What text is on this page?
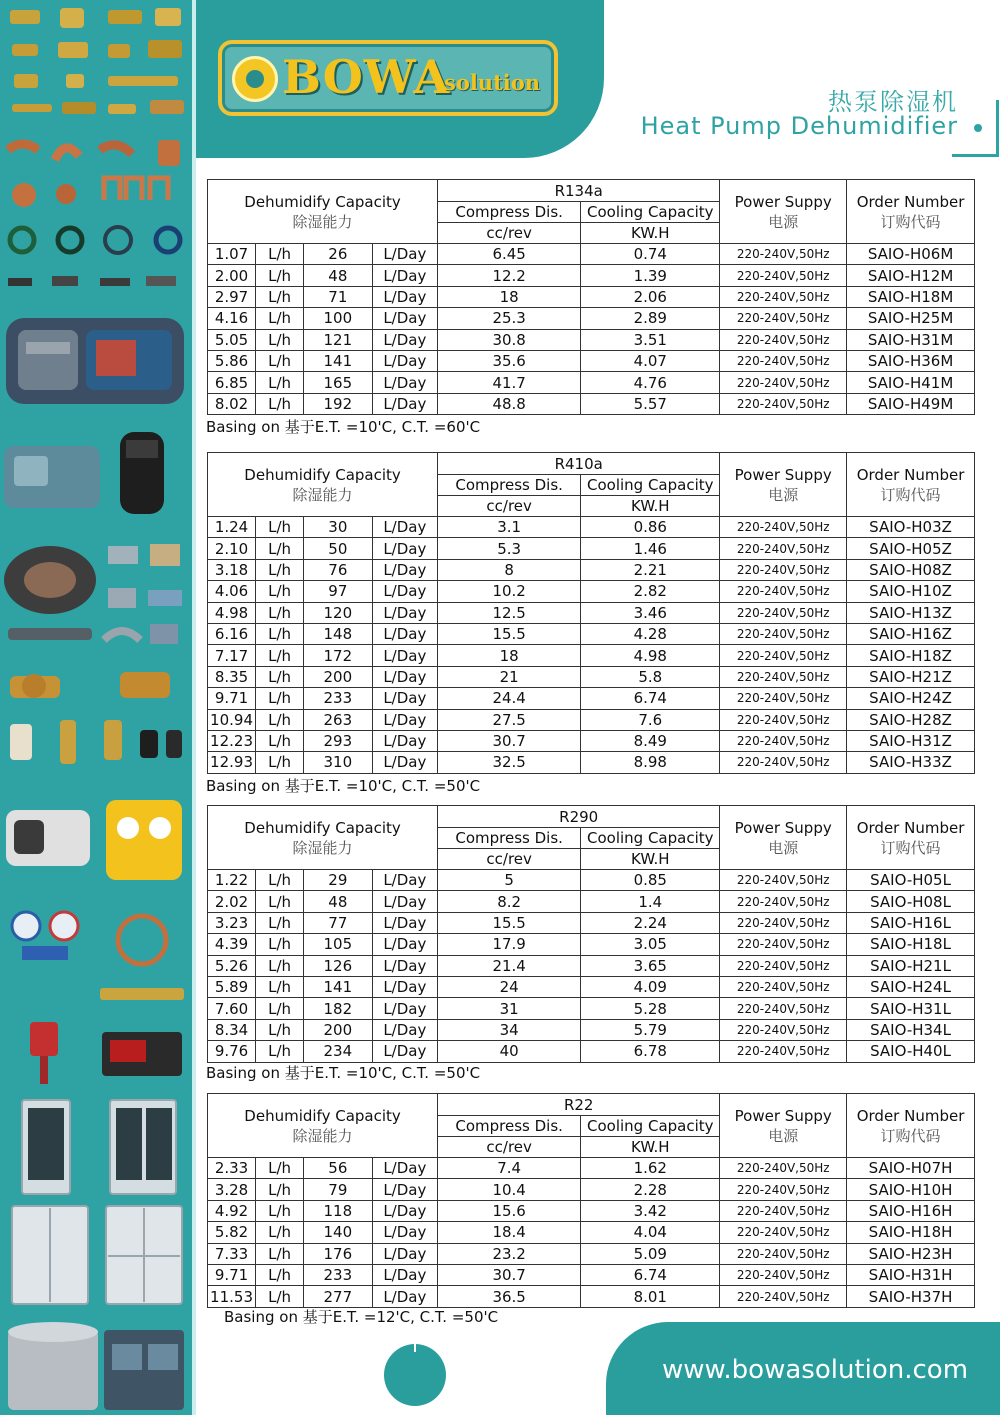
BOWA
solution
热泵除湿机
Heat Pump Dehumidifier
Dehumidify Capacity
除湿能力				R134a		Power Suppy
电源	Order Number
订购代码

				Compress Dis.	Cooling Capacity		
				cc/rev	KW.H		
1.07	L/h	26	L/Day	6.45	0.74	220-240V,50Hz	SAIO-H06M
2.00	L/h	48	L/Day	12.2	1.39	220-240V,50Hz	SAIO-H12M
2.97	L/h	71	L/Day	18	2.06	220-240V,50Hz	SAIO-H18M
4.16	L/h	100	L/Day	25.3	2.89	220-240V,50Hz	SAIO-H25M
5.05	L/h	121	L/Day	30.8	3.51	220-240V,50Hz	SAIO-H31M
5.86	L/h	141	L/Day	35.6	4.07	220-240V,50Hz	SAIO-H36M
6.85	L/h	165	L/Day	41.7	4.76	220-240V,50Hz	SAIO-H41M
8.02	L/h	192	L/Day	48.8	5.57	220-240V,50Hz	SAIO-H49M
Basing on 基于E.T. =10'C, C.T. =60'C
Dehumidify Capacity
除湿能力				R410a		Power Suppy
电源	Order Number
订购代码

				Compress Dis.	Cooling Capacity		
				cc/rev	KW.H		
1.24	L/h	30	L/Day	3.1	0.86	220-240V,50Hz	SAIO-H03Z
2.10	L/h	50	L/Day	5.3	1.46	220-240V,50Hz	SAIO-H05Z
3.18	L/h	76	L/Day	8	2.21	220-240V,50Hz	SAIO-H08Z
4.06	L/h	97	L/Day	10.2	2.82	220-240V,50Hz	SAIO-H10Z
4.98	L/h	120	L/Day	12.5	3.46	220-240V,50Hz	SAIO-H13Z
6.16	L/h	148	L/Day	15.5	4.28	220-240V,50Hz	SAIO-H16Z
7.17	L/h	172	L/Day	18	4.98	220-240V,50Hz	SAIO-H18Z
8.35	L/h	200	L/Day	21	5.8	220-240V,50Hz	SAIO-H21Z
9.71	L/h	233	L/Day	24.4	6.74	220-240V,50Hz	SAIO-H24Z
10.94	L/h	263	L/Day	27.5	7.6	220-240V,50Hz	SAIO-H28Z
12.23	L/h	293	L/Day	30.7	8.49	220-240V,50Hz	SAIO-H31Z
12.93	L/h	310	L/Day	32.5	8.98	220-240V,50Hz	SAIO-H33Z
Basing on 基于E.T. =10'C, C.T. =50'C
Dehumidify Capacity
除湿能力				R290		Power Suppy
电源	Order Number
订购代码

				Compress Dis.	Cooling Capacity		
				cc/rev	KW.H		
1.22	L/h	29	L/Day	5	0.85	220-240V,50Hz	SAIO-H05L
2.02	L/h	48	L/Day	8.2	1.4	220-240V,50Hz	SAIO-H08L
3.23	L/h	77	L/Day	15.5	2.24	220-240V,50Hz	SAIO-H16L
4.39	L/h	105	L/Day	17.9	3.05	220-240V,50Hz	SAIO-H18L
5.26	L/h	126	L/Day	21.4	3.65	220-240V,50Hz	SAIO-H21L
5.89	L/h	141	L/Day	24	4.09	220-240V,50Hz	SAIO-H24L
7.60	L/h	182	L/Day	31	5.28	220-240V,50Hz	SAIO-H31L
8.34	L/h	200	L/Day	34	5.79	220-240V,50Hz	SAIO-H34L
9.76	L/h	234	L/Day	40	6.78	220-240V,50Hz	SAIO-H40L
Basing on 基于E.T. =10'C, C.T. =50'C
Dehumidify Capacity
除湿能力				R22		Power Suppy
电源	Order Number
订购代码

				Compress Dis.	Cooling Capacity		
				cc/rev	KW.H		
2.33	L/h	56	L/Day	7.4	1.62	220-240V,50Hz	SAIO-H07H
3.28	L/h	79	L/Day	10.4	2.28	220-240V,50Hz	SAIO-H10H
4.92	L/h	118	L/Day	15.6	3.42	220-240V,50Hz	SAIO-H16H
5.82	L/h	140	L/Day	18.4	4.04	220-240V,50Hz	SAIO-H18H
7.33	L/h	176	L/Day	23.2	5.09	220-240V,50Hz	SAIO-H23H
9.71	L/h	233	L/Day	30.7	6.74	220-240V,50Hz	SAIO-H31H
11.53	L/h	277	L/Day	36.5	8.01	220-240V,50Hz	SAIO-H37H
Basing on 基于E.T. =12'C, C.T. =50'C
www.bowasolution.com
